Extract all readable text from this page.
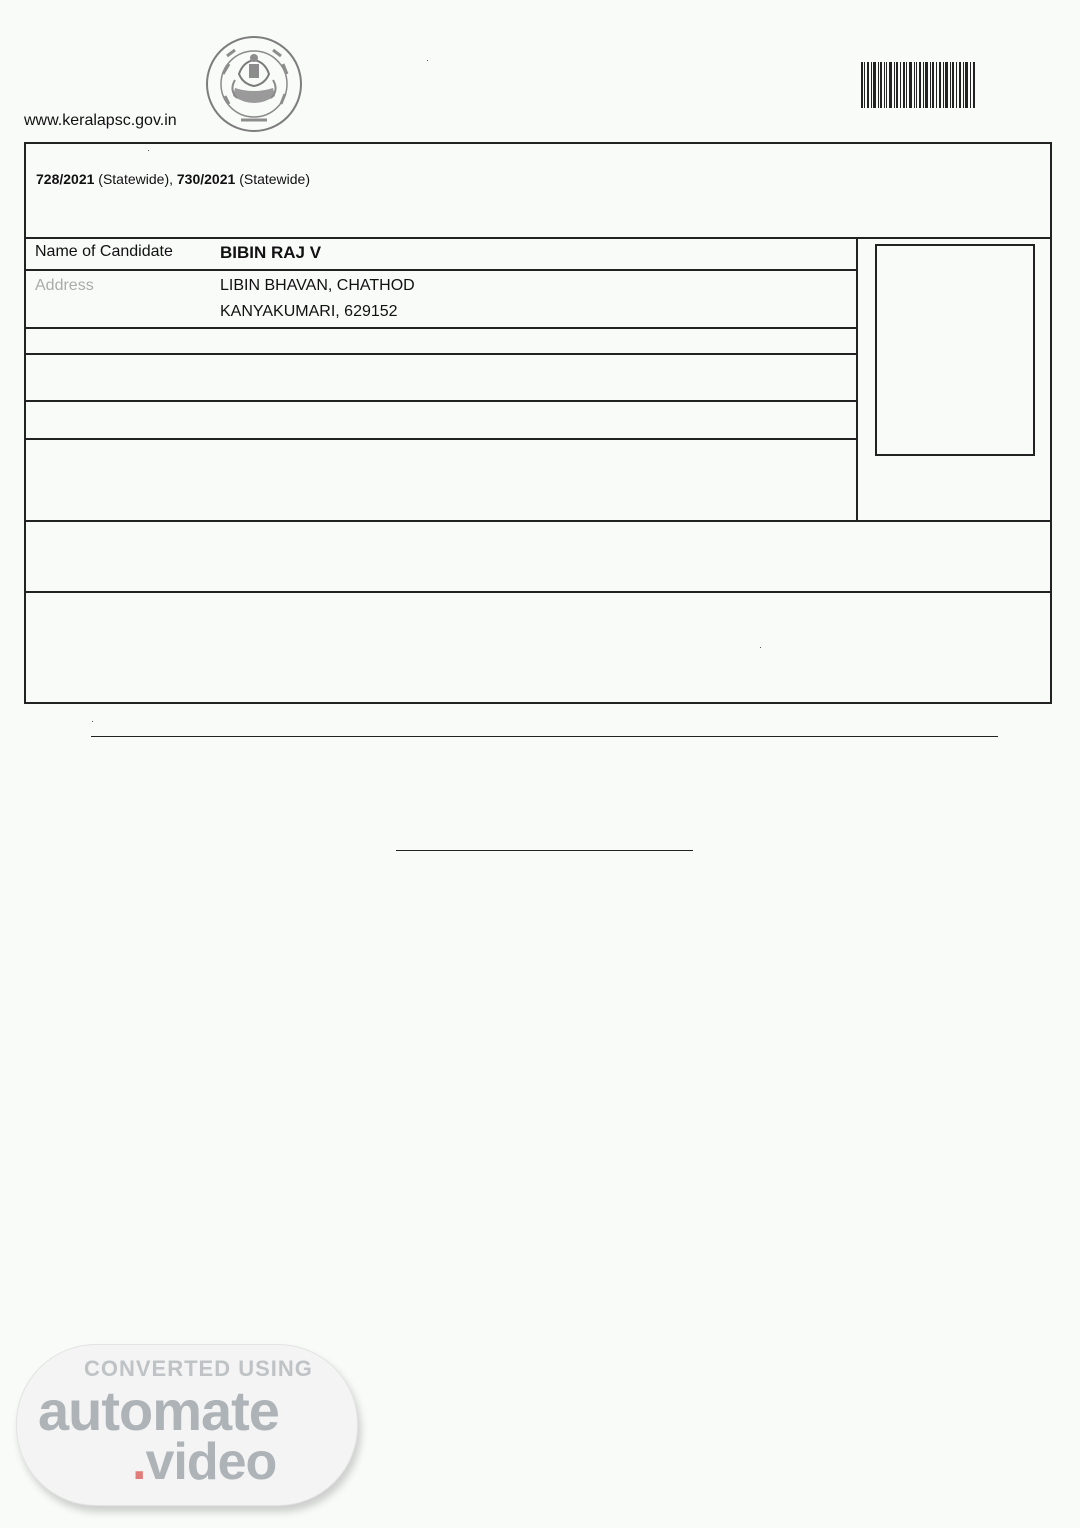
www.keralapsc.gov.in
728/2021 (Statewide), 730/2021 (Statewide)
Name of Candidate	BIBIN RAJ V
Address	LIBIN BHAVAN, CHATHOD
KANYAKUMARI, 629152
CONVERTED USING
automate
.video
